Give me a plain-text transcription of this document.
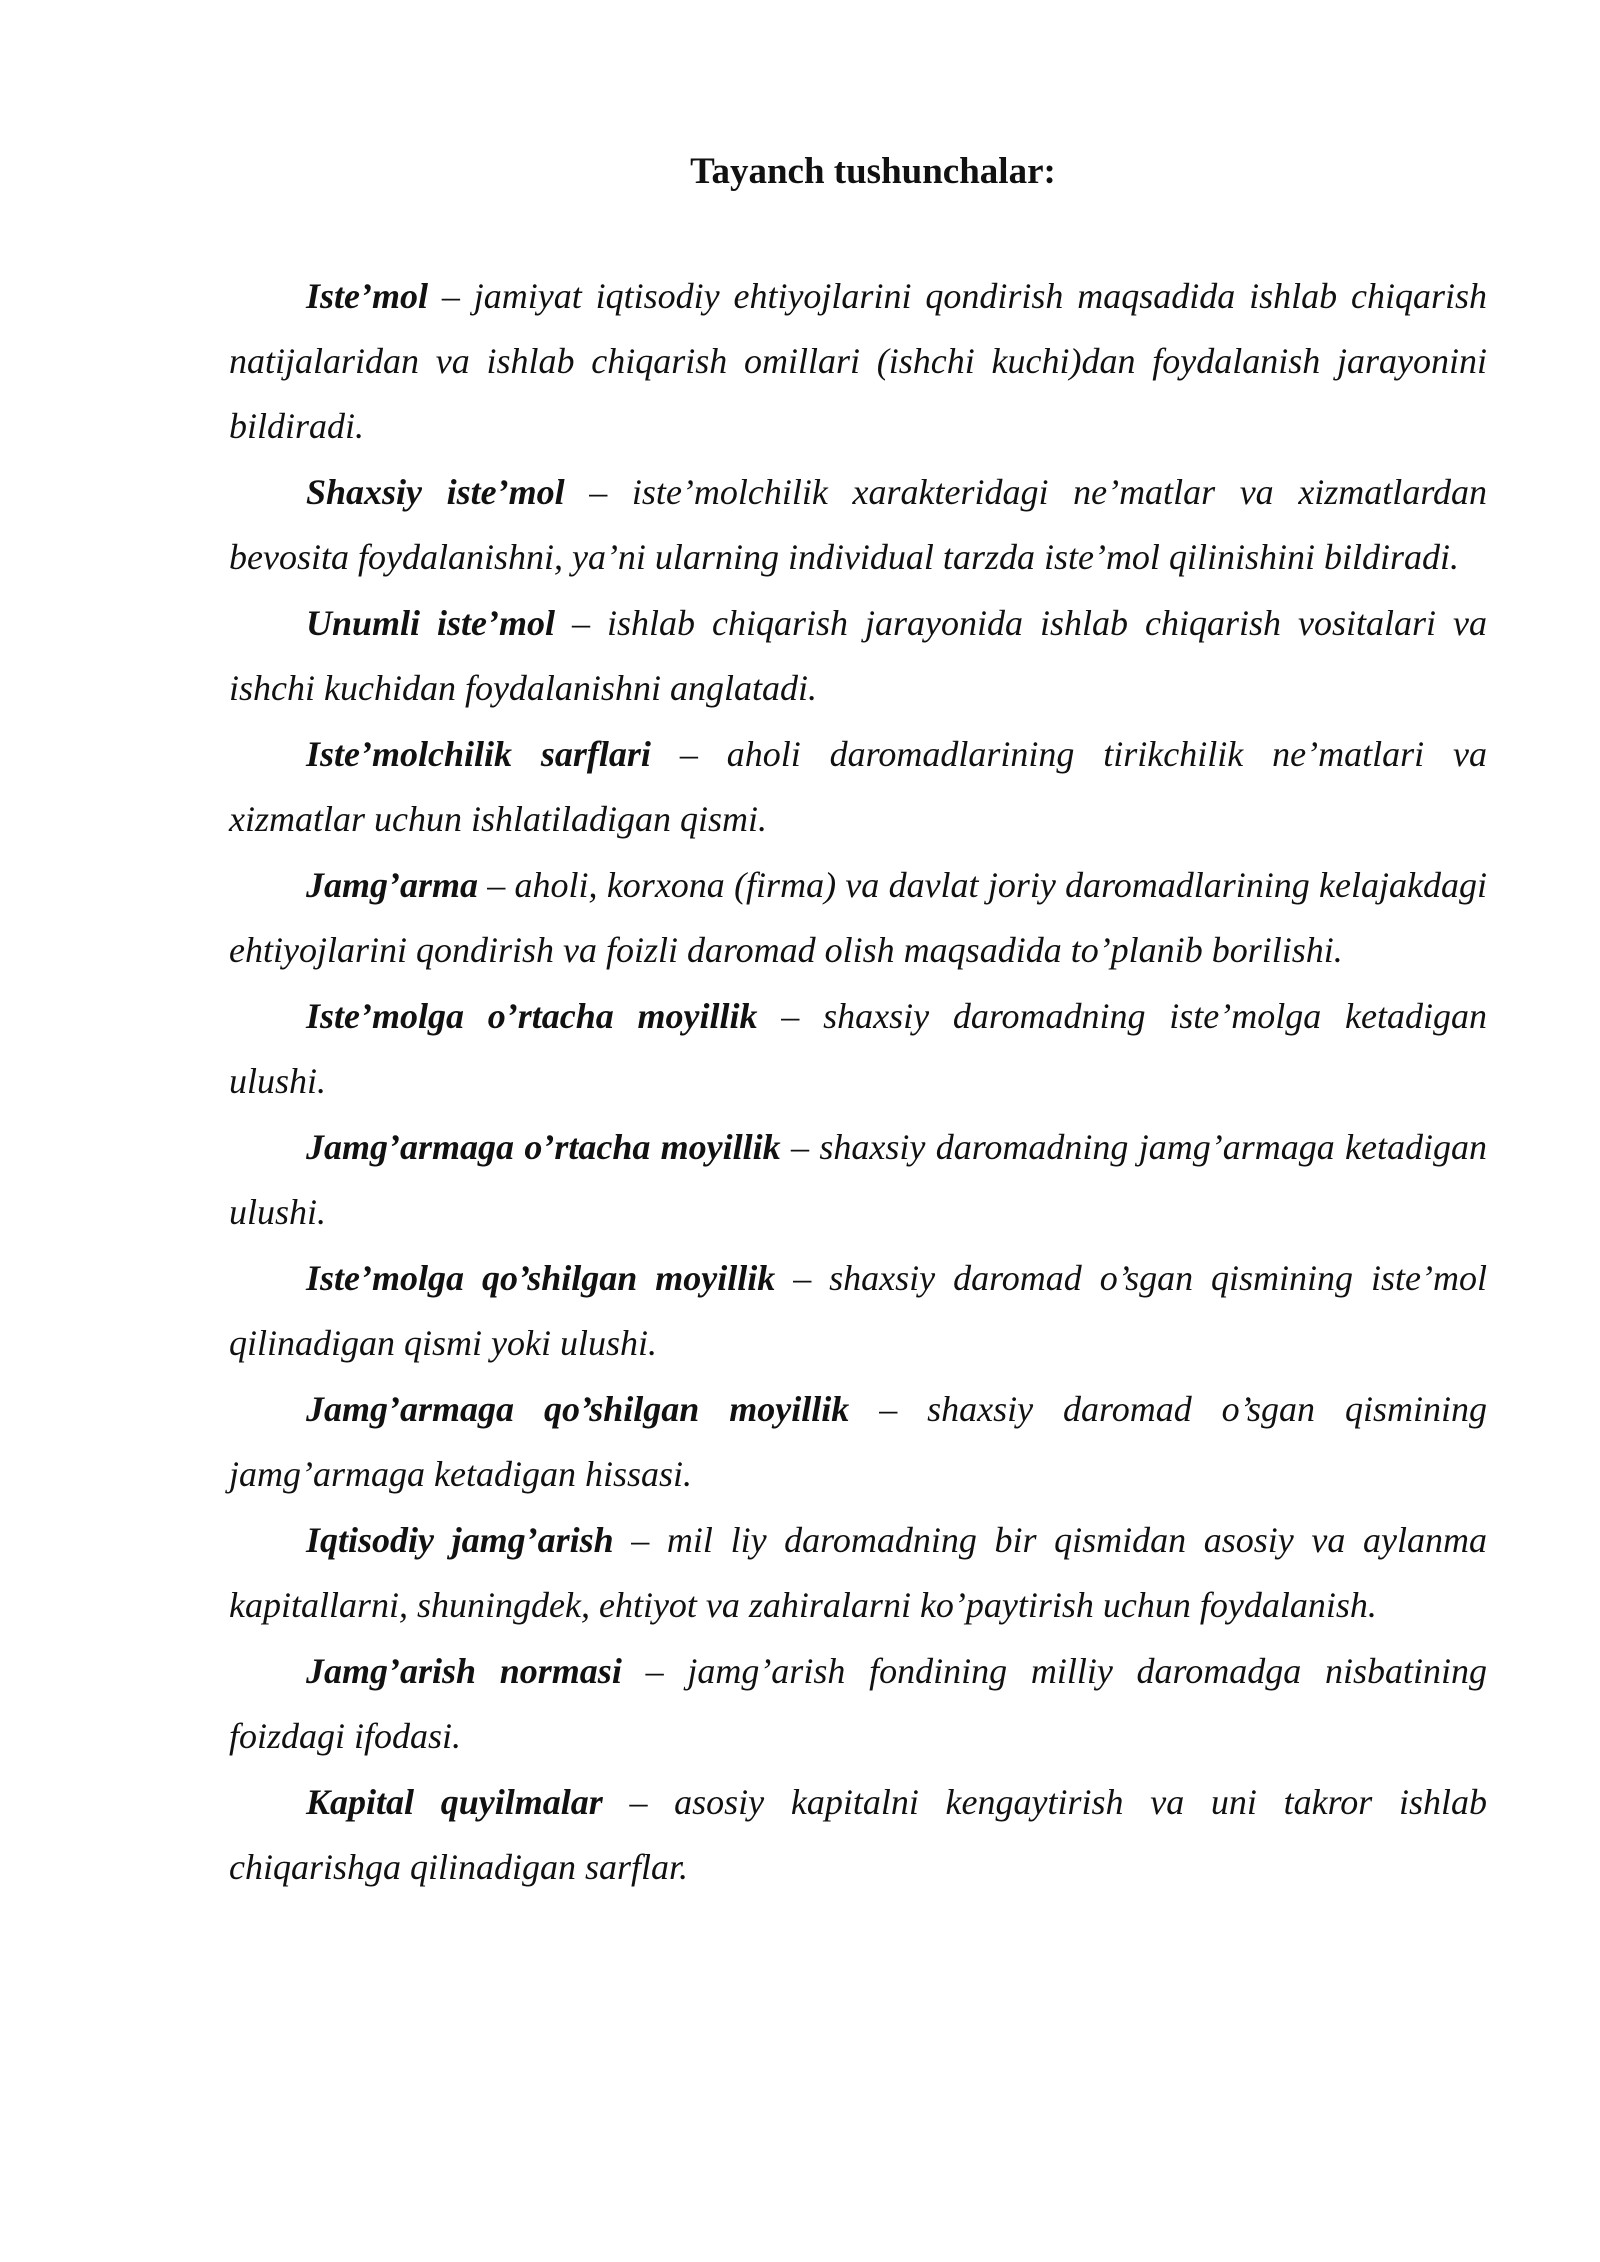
Tayanch tushunchalar:

Iste’mol – jamiyat iqtisodiy ehtiyojlarini qondirish maqsadida ishlab chiqarish natijalaridan va ishlab chiqarish omillari (ishchi kuchi)dan foydalanish jarayonini bildiradi.

Shaxsiy iste’mol – iste’molchilik xarakteridagi ne’matlar va xizmatlardan bevosita foydalanishni, ya’ni ularning individual tarzda iste’mol qilinishini bildiradi.

Unumli iste’mol – ishlab chiqarish jarayonida ishlab chiqarish vositalari va ishchi kuchidan foydalanishni anglatadi.

Iste’molchilik sarflari – aholi daromadlarining tirikchilik ne’matlari va xizmatlar uchun ishlatiladigan qismi.

Jamg’arma – aholi, korxona (firma) va davlat joriy daromadlarining kelajakdagi ehtiyojlarini qondirish va foizli daromad olish maqsadida to’planib borilishi.

Iste’molga o’rtacha moyillik – shaxsiy daromadning iste’molga ketadigan ulushi.

Jamg’armaga o’rtacha moyillik – shaxsiy daromadning jamg’armaga ketadigan ulushi.

Iste’molga qo’shilgan moyillik – shaxsiy daromad o’sgan qismining iste’mol qilinadigan qismi yoki ulushi.

Jamg’armaga qo’shilgan moyillik – shaxsiy daromad o’sgan qismining jamg’armaga ketadigan hissasi.

Iqtisodiy jamg’arish – mil liy daromadning bir qismidan asosiy va aylanma kapitallarni, shuningdek, ehtiyot va zahiralarni ko’paytirish uchun foydalanish.

Jamg’arish normasi – jamg’arish fondining milliy daromadga nisbatining foizdagi ifodasi.

Kapital quyilmalar – asosiy kapitalni kengaytirish va uni takror ishlab chiqarishga qilinadigan sarflar.
